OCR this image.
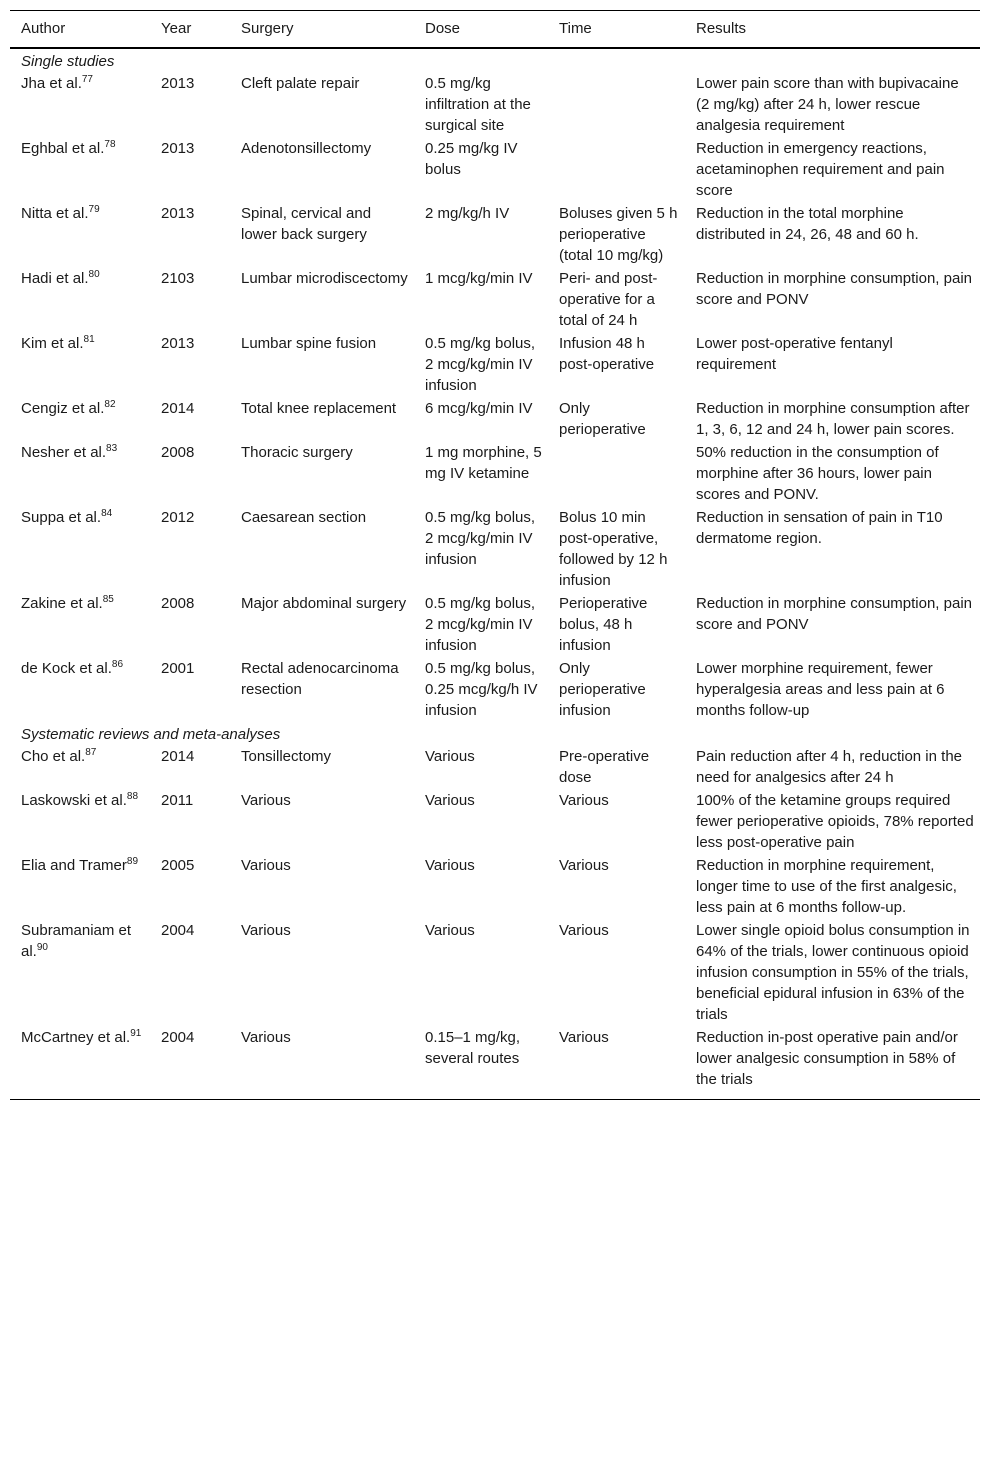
Author	Year	Surgery	Dose	Time	Results
Single studies					
Jha et al.$^{77}$	2013	Cleft palate repair	0.5 mg/kg infiltration at the surgical site		Lower pain score than with bupivacaine (2 mg/kg) after 24 h, lower rescue analgesia requirement
Eghbal et al.$^{78}$	2013	Adenotonsillectomy	0.25 mg/kg IV bolus		Reduction in emergency reactions, acetaminophen requirement and pain score
Nitta et al.$^{79}$	2013	Spinal, cervical and lower back surgery	2 mg/kg/h IV	Boluses given 5 h perioperative (total 10 mg/kg)	Reduction in the total morphine distributed in 24, 26, 48 and 60 h.
Hadi et al.$^{80}$	2103	Lumbar microdiscectomy	1 mcg/kg/min IV	Peri- and post-operative for a total of 24 h	Reduction in morphine consumption, pain score and PONV
Kim et al.$^{81}$	2013	Lumbar spine fusion	0.5 mg/kg bolus, 2 mcg/kg/min IV infusion	Infusion 48 h post-operative	Lower post-operative fentanyl requirement
Cengiz et al.$^{82}$	2014	Total knee replacement	6 mcg/kg/min IV	Only perioperative	Reduction in morphine consumption after 1, 3, 6, 12 and 24 h, lower pain scores.
Nesher et al.$^{83}$	2008	Thoracic surgery	1 mg morphine, 5 mg IV ketamine		50% reduction in the consumption of morphine after 36 hours, lower pain scores and PONV.
Suppa et al.$^{84}$	2012	Caesarean section	0.5 mg/kg bolus, 2 mcg/kg/min IV infusion	Bolus 10 min post-operative, followed by 12 h infusion	Reduction in sensation of pain in T10 dermatome region.
Zakine et al.$^{85}$	2008	Major abdominal surgery	0.5 mg/kg bolus, 2 mcg/kg/min IV infusion	Perioperative bolus, 48 h infusion	Reduction in morphine consumption, pain score and PONV
de Kock et al.$^{86}$	2001	Rectal adenocarcinoma resection	0.5 mg/kg bolus, 0.25 mcg/kg/h IV infusion	Only perioperative infusion	Lower morphine requirement, fewer hyperalgesia areas and less pain at 6 months follow-up
Systematic reviews and meta-analyses					
Cho et al.$^{87}$	2014	Tonsillectomy	Various	Pre-operative dose	Pain reduction after 4 h, reduction in the need for analgesics after 24 h
Laskowski et al.$^{88}$	2011	Various	Various	Various	100% of the ketamine groups required fewer perioperative opioids, 78% reported less post-operative pain
Elia and Tramer$^{89}$	2005	Various	Various	Various	Reduction in morphine requirement, longer time to use of the first analgesic, less pain at 6 months follow-up.
Subramaniam et al.$^{90}$	2004	Various	Various	Various	Lower single opioid bolus consumption in 64% of the trials, lower continuous opioid infusion consumption in 55% of the trials, beneficial epidural infusion in 63% of the trials
McCartney et al.$^{91}$	2004	Various	0.15–1 mg/kg, several routes	Various	Reduction in-post operative pain and/or lower analgesic consumption in 58% of the trials
